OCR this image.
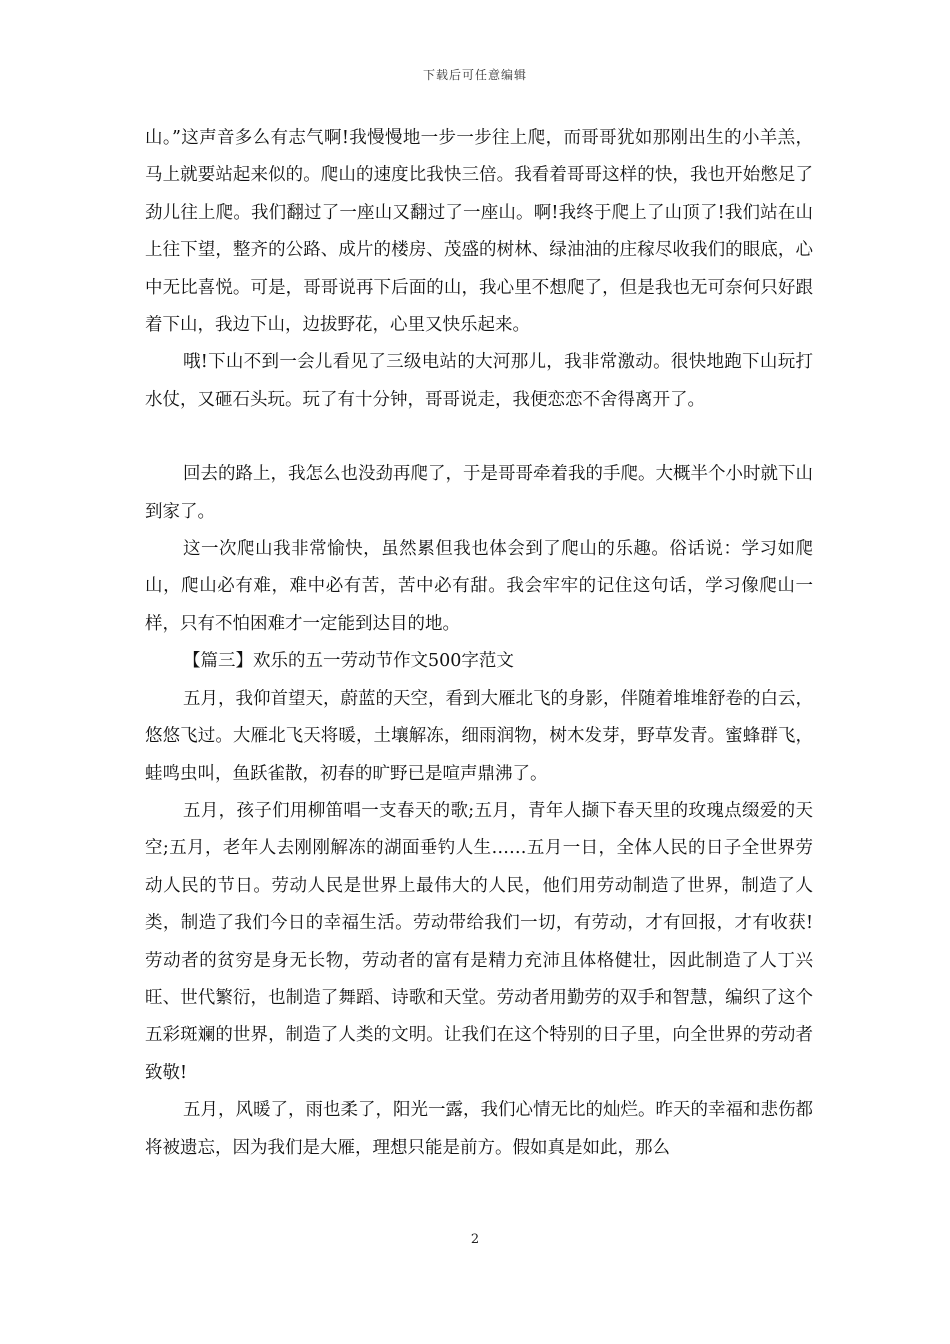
下载后可任意编辑

山。”这声音多么有志气啊!我慢慢地一步一步往上爬，而哥哥犹如那刚出生的小羊羔，马上就要站起来似的。爬山的速度比我快三倍。我看着哥哥这样的快，我也开始憋足了劲儿往上爬。我们翻过了一座山又翻过了一座山。啊!我终于爬上了山顶了!我们站在山上往下望，整齐的公路、成片的楼房、茂盛的树林、绿油油的庄稼尽收我们的眼底，心中无比喜悦。可是，哥哥说再下后面的山，我心里不想爬了，但是我也无可奈何只好跟着下山，我边下山，边拔野花，心里又快乐起来。

哦!下山不到一会儿看见了三级电站的大河那儿，我非常激动。很快地跑下山玩打水仗，又砸石头玩。玩了有十分钟，哥哥说走，我便恋恋不舍得离开了。

回去的路上，我怎么也没劲再爬了，于是哥哥牵着我的手爬。大概半个小时就下山到家了。

这一次爬山我非常愉快，虽然累但我也体会到了爬山的乐趣。俗话说：学习如爬山，爬山必有难，难中必有苦，苦中必有甜。我会牢牢的记住这句话，学习像爬山一样，只有不怕困难才一定能到达目的地。

【篇三】欢乐的五一劳动节作文500字范文

五月，我仰首望天，蔚蓝的天空，看到大雁北飞的身影，伴随着堆堆舒卷的白云，悠悠飞过。大雁北飞天将暖，土壤解冻，细雨润物，树木发芽，野草发青。蜜蜂群飞，蛙鸣虫叫，鱼跃雀散，初春的旷野已是喧声鼎沸了。

五月，孩子们用柳笛唱一支春天的歌;五月，青年人撷下春天里的玫瑰点缀爱的天空;五月，老年人去刚刚解冻的湖面垂钓人生……五月一日，全体人民的日子全世界劳动人民的节日。劳动人民是世界上最伟大的人民，他们用劳动制造了世界，制造了人类，制造了我们今日的幸福生活。劳动带给我们一切，有劳动，才有回报，才有收获!劳动者的贫穷是身无长物，劳动者的富有是精力充沛且体格健壮，因此制造了人丁兴旺、世代繁衍，也制造了舞蹈、诗歌和天堂。劳动者用勤劳的双手和智慧，编织了这个五彩斑斓的世界，制造了人类的文明。让我们在这个特别的日子里，向全世界的劳动者致敬!

五月，风暖了，雨也柔了，阳光一露，我们心情无比的灿烂。昨天的幸福和悲伤都将被遗忘，因为我们是大雁，理想只能是前方。假如真是如此，那么

2
